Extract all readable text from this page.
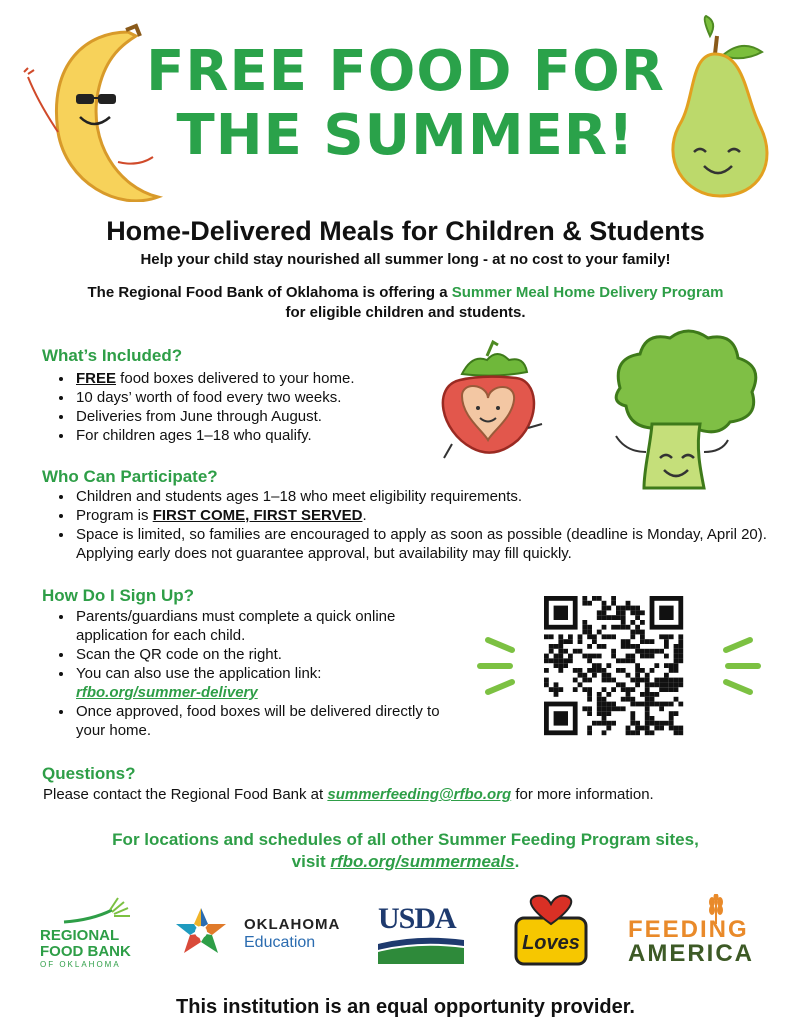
FREE FOOD FOR
THE SUMMER!
Home-Delivered Meals for Children & Students
Help your child stay nourished all summer long - at no cost to your family!
The Regional Food Bank of Oklahoma is offering a Summer Meal Home Delivery Program
for eligible children and students.
What’s Included?
• FREE food boxes delivered to your home.
• 10 days’ worth of food every two weeks.
• Deliveries from June through August.
• For children ages 1–18 who qualify.
Who Can Participate?
• Children and students ages 1–18 who meet eligibility requirements.
• Program is FIRST COME, FIRST SERVED.
• Space is limited, so families are encouraged to apply as soon as possible (deadline is Monday, April 20). Applying early does not guarantee approval, but availability may fill quickly.
How Do I Sign Up?
• Parents/guardians must complete a quick online application for each child.
• Scan the QR code on the right.
• You can also use the application link:
rfbo.org/summer-delivery
• Once approved, food boxes will be delivered directly to your home.
Questions?
Please contact the Regional Food Bank at summerfeeding@rfbo.org for more information.
For locations and schedules of all other Summer Feeding Program sites,
visit rfbo.org/summermeals.
REGIONAL
FOOD BANK
OF OKLAHOMA
OKLAHOMA
Education
USDA
Loves	FEEDING
AMERICA
This institution is an equal opportunity provider.
